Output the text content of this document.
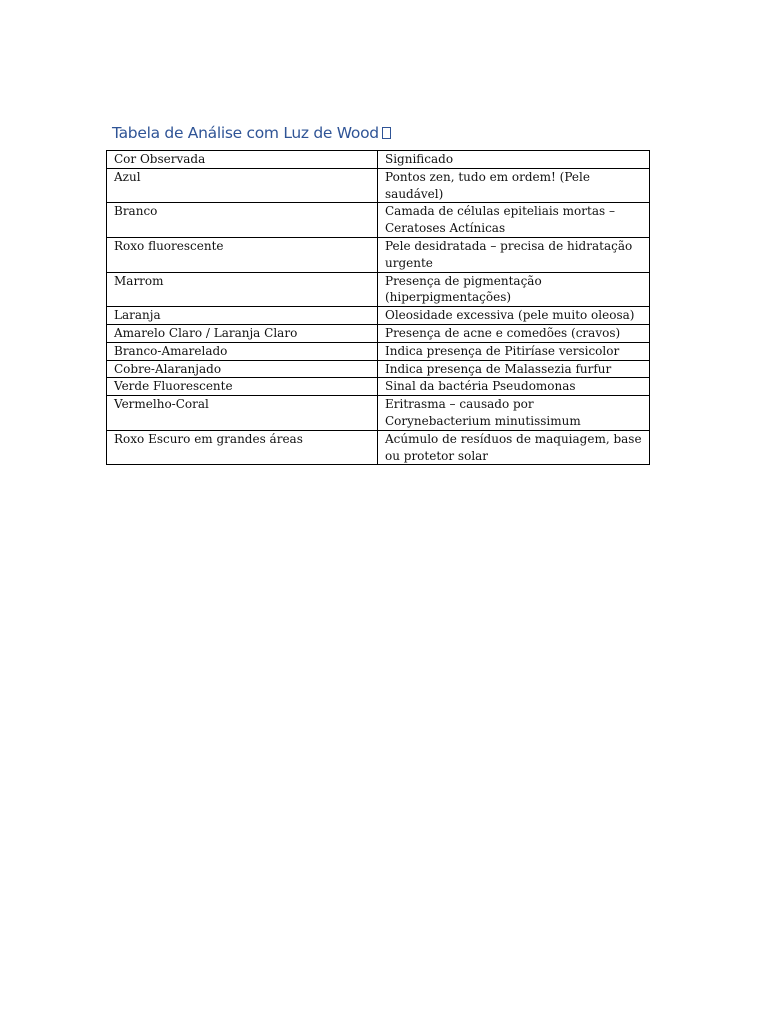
Tabela de Análise com Luz de Wood
Cor Observada	Significado
Azul	Pontos zen, tudo em ordem! (Pele saudável)
Branco	Camada de células epiteliais mortas – Ceratoses Actínicas
Roxo fluorescente	Pele desidratada – precisa de hidratação urgente
Marrom	Presença de pigmentação (hiperpigmentações)
Laranja	Oleosidade excessiva (pele muito oleosa)
Amarelo Claro / Laranja Claro	Presença de acne e comedões (cravos)
Branco-Amarelado	Indica presença de Pitiríase versicolor
Cobre-Alaranjado	Indica presença de Malassezia furfur
Verde Fluorescente	Sinal da bactéria Pseudomonas
Vermelho-Coral	Eritrasma – causado por Corynebacterium minutissimum
Roxo Escuro em grandes áreas	Acúmulo de resíduos de maquiagem, base ou protetor solar
